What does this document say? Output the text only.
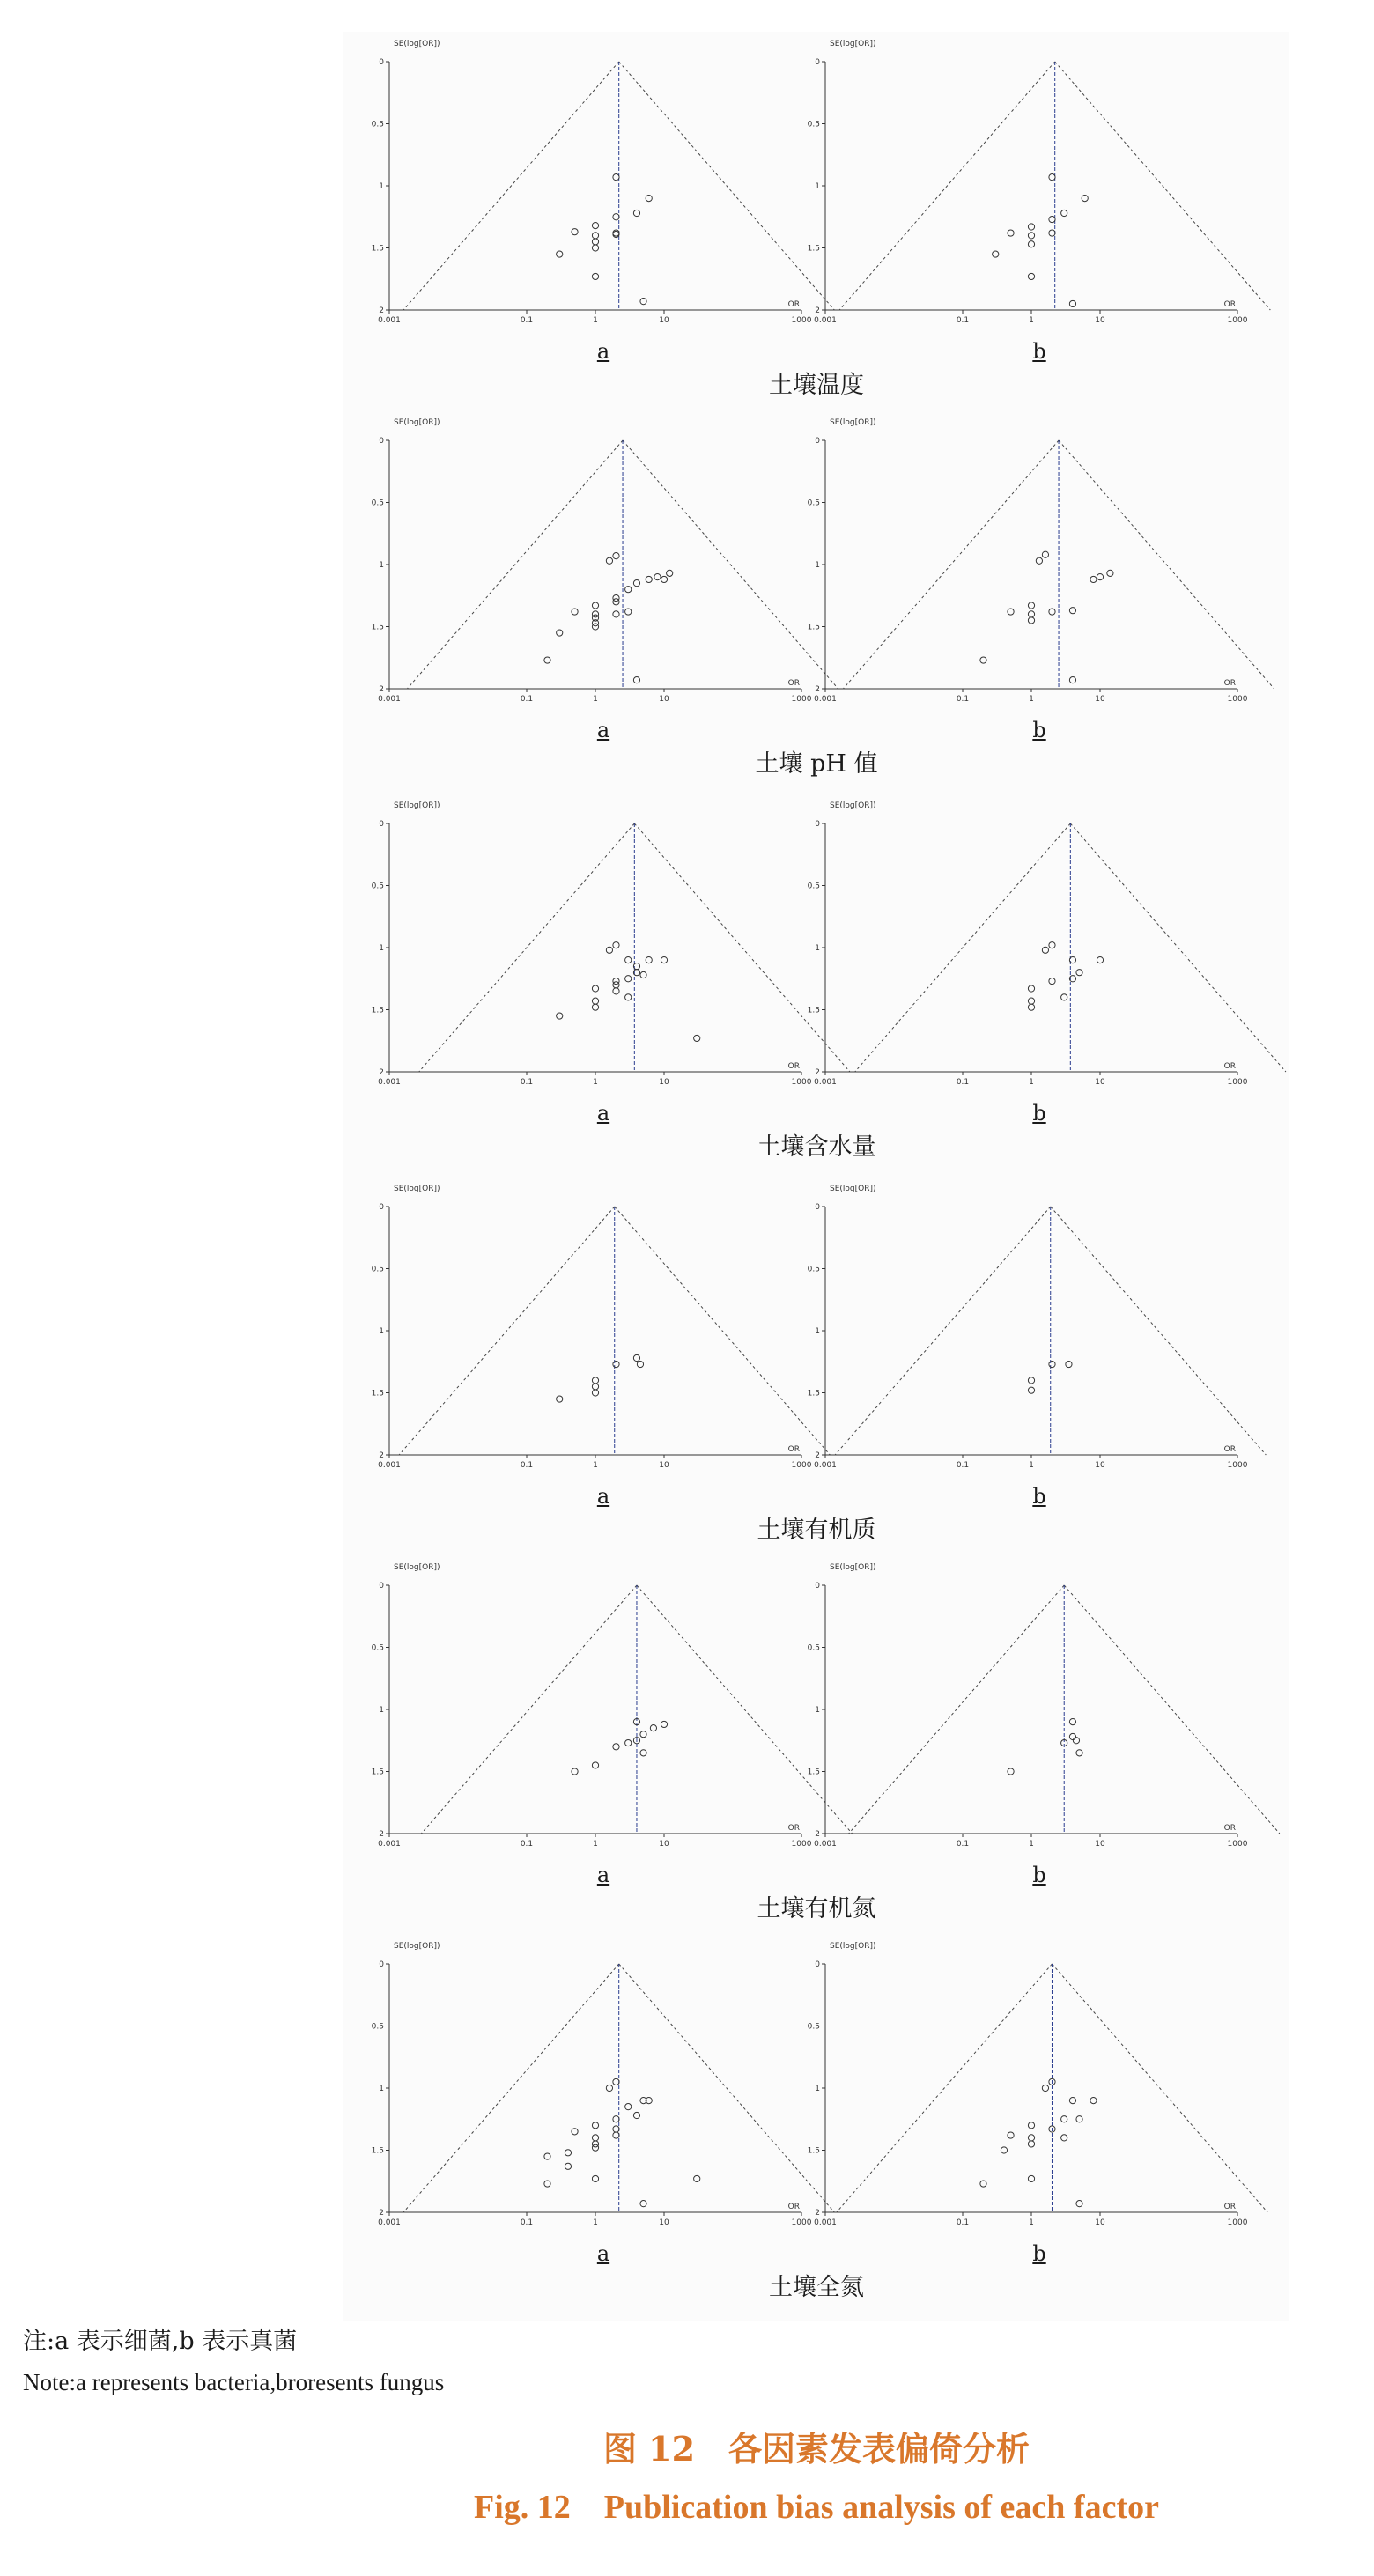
0
0.5
1
1.5
2
0.001	0.1	1	10	1000
SE(log[OR])
OR
a
0
0.5
1
1.5
2
0.001	0.1	1	10	1000
SE(log[OR])
OR
b
土壤温度
0
0.5
1
1.5
2
0.001	0.1	1	10	1000
SE(log[OR])
OR
a
0
0.5
1
1.5
2
0.001	0.1	1	10	1000
SE(log[OR])
OR
b
土壤 pH 值
0
0.5
1
1.5
2
0.001	0.1	1	10	1000
SE(log[OR])
OR
a
0
0.5
1
1.5
2
0.001	0.1	1	10	1000
SE(log[OR])
OR
b
土壤含水量
0
0.5
1
1.5
2
0.001	0.1	1	10	1000
SE(log[OR])
OR
a
0
0.5
1
1.5
2
0.001	0.1	1	10	1000
SE(log[OR])
OR
b
土壤有机质
0
0.5
1
1.5
2
0.001	0.1	1	10	1000
SE(log[OR])
OR
a
0
0.5
1
1.5
2
0.001	0.1	1	10	1000
SE(log[OR])
OR
b
土壤有机氮
0
0.5
1
1.5
2
0.001	0.1	1	10	1000
SE(log[OR])
OR
a
0
0.5
1
1.5
2
0.001	0.1	1	10	1000
SE(log[OR])
OR
b
土壤全氮
注:a 表示细菌,b 表示真菌
Note:a represents bacteria,broresents fungus
图 12　各因素发表偏倚分析
Fig. 12　Publication bias analysis of each factor
